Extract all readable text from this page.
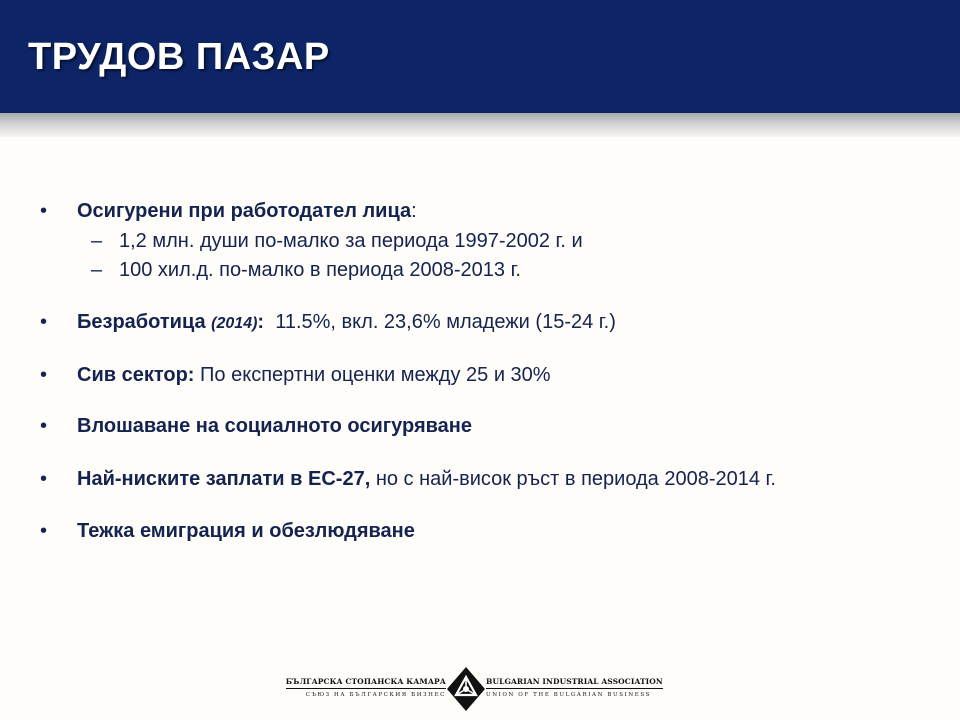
ТРУДОВ ПАЗАР
• Осигурени при работодател лица:
– 1,2 млн. души по-малко за периода 1997-2002 г. и
– 100 хил.д. по-малко в периода 2008-2013 г.
• Безработица (2014):  11.5%, вкл. 23,6% младежи (15-24 г.)
• Сив сектор: По експертни оценки между 25 и 30%
• Влошаване на социалното осигуряване
• Най-ниските заплати в ЕС-27, но с най-висок ръст в периода 2008-2014 г.
• Тежка емиграция и обезлюдяване
БЪЛГАРСКА СТОПАНСКА КАМАРА
СЪЮЗ НА БЪЛГАРСКИЯ БИЗНЕС
BULGARIAN INDUSTRIAL ASSOCIATION
UNION OF THE BULGARIAN BUSINESS
